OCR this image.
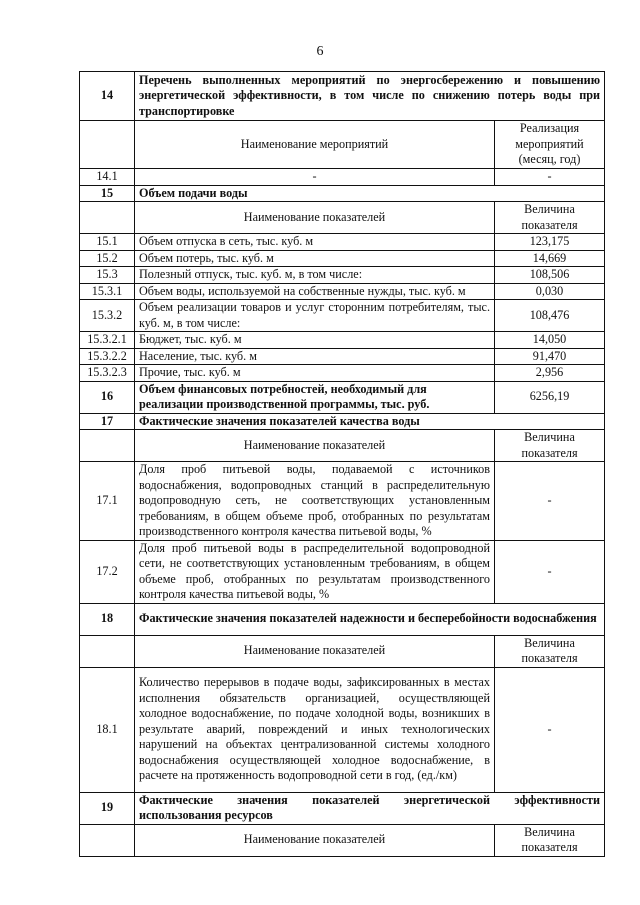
6
14	Перечень выполненных мероприятий по энергосбережению и повышению энергетической эффективности, в том числе по снижению потерь воды при транспортировке	
	Наименование мероприятий	Реализация мероприятий (месяц, год)
14.1	-	-
15	Объем подачи воды	
	Наименование показателей	Величина показателя
15.1	Объем отпуска в сеть, тыс. куб. м	123,175
15.2	Объем потерь, тыс. куб. м	14,669
15.3	Полезный отпуск, тыс. куб. м, в том числе:	108,506
15.3.1	Объем воды, используемой на собственные нужды, тыс. куб. м	0,030
15.3.2	Объем реализации товаров и услуг сторонним потребителям, тыс. куб. м, в том числе:	108,476
15.3.2.1	Бюджет, тыс. куб. м	14,050
15.3.2.2	Население, тыс. куб. м	91,470
15.3.2.3	Прочие, тыс. куб. м	2,956
16	Объем финансовых потребностей, необходимый для реализации производственной программы, тыс. руб.	6256,19
17	Фактические значения показателей качества воды	
	Наименование показателей	Величина показателя
17.1	Доля проб питьевой воды, подаваемой с источников водоснабжения, водопроводных станций в распределительную водопроводную сеть, не соответствующих установленным требованиям, в общем объеме проб, отобранных по результатам производственного контроля качества питьевой воды, %	-
17.2	Доля проб питьевой воды в распределительной водопроводной сети, не соответствующих установленным требованиям, в общем объеме проб, отобранных по результатам производственного контроля качества питьевой воды, %	-
18	Фактические значения показателей надежности и бесперебойности водоснабжения	
	Наименование показателей	Величина показателя
18.1	Количество перерывов в подаче воды, зафиксированных в местах исполнения обязательств организацией, осуществляющей холодное водоснабжение, по подаче холодной воды, возникших в результате аварий, повреждений и иных технологических нарушений на объектах централизованной системы холодного водоснабжения осуществляющей холодное водоснабжение, в расчете на протяженность водопроводной сети в год, (ед./км)	-
19	Фактические значения показателей энергетической эффективности использования ресурсов	
	Наименование показателей	Величина показателя
